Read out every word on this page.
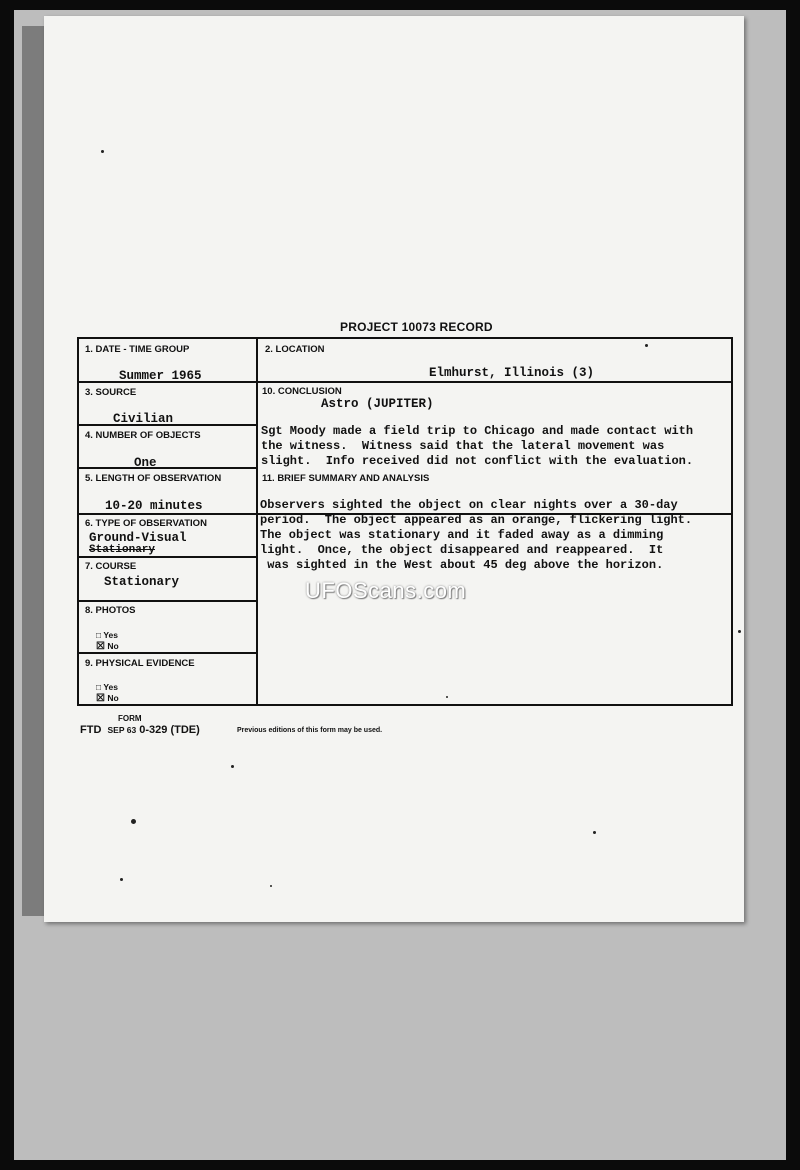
PROJECT 10073 RECORD
1. DATE - TIME GROUP
Summer 1965
2. LOCATION
Elmhurst, Illinois (3)
3. SOURCE
Civilian
4. NUMBER OF OBJECTS
One
10. CONCLUSION
Astro (JUPITER)
Sgt Moody made a field trip to Chicago and made contact with
the witness.  Witness said that the lateral movement was
slight.  Info received did not conflict with the evaluation.
5. LENGTH OF OBSERVATION
10-20 minutes
11. BRIEF SUMMARY AND ANALYSIS
Observers sighted the object on clear nights over a 30-day
period.  The object appeared as an orange, flickering light.
The object was stationary and it faded away as a dimming
light.  Once, the object disappeared and reappeared.  It
was sighted in the West about 45 deg above the horizon.
6. TYPE OF OBSERVATION
Ground-Visual
Stationary
7. COURSE
Stationary
8. PHOTOS
□ Yes
☒ No
9. PHYSICAL EVIDENCE
□ Yes
☒ No
FORM
FTD SEP 63 0-329 (TDE)	Previous editions of this form may be used.
UFOScans.com
